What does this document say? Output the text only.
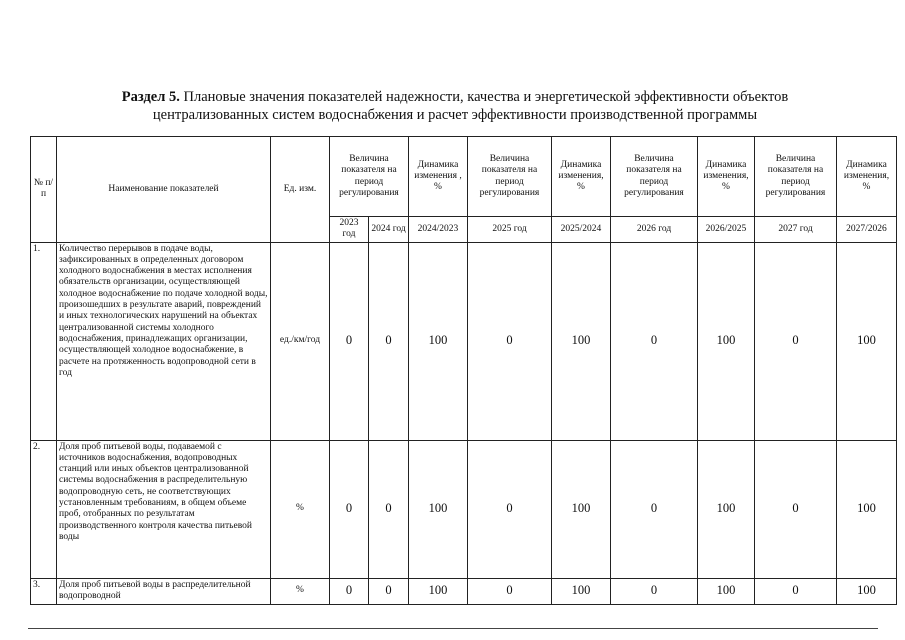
Раздел 5. Плановые значения показателей надежности, качества и энергетической эффективности объектов
централизованных систем водоснабжения и расчет эффективности производственной программы
№ п/п	Наименование показателей	Ед. изм.	Величина показателя на период регулирования		Динамика изменения , %	Величина показателя на период регулирования	Динамика изменения, %	Величина показателя на период регулирования	Динамика изменения, %	Величина показателя на период регулирования	Динамика изменения, %
			2023 год	2024 год	2024/2023	2025 год	2025/2024	2026 год	2026/2025	2027 год	2027/2026
1.	Количество перерывов в подаче воды, зафиксированных в определенных договором холодного водоснабжения в местах исполнения обязательств организации, осуществляющей холодное водоснабжение по подаче холодной воды, произошедших в результате аварий, повреждений и иных технологических нарушений на объектах централизованной системы холодного водоснабжения, принадлежащих организации, осуществляющей холодное водоснабжение, в расчете на протяженность водопроводной сети в год	ед./км/год	0	0	100	0	100	0	100	0	100
2.	Доля проб питьевой воды, подаваемой с источников водоснабжения, водопроводных станций или иных объектов централизованной системы водоснабжения в распределительную водопроводную сеть, не соответствующих установленным требованиям, в общем объеме проб, отобранных по результатам производственного контроля качества питьевой воды	%	0	0	100	0	100	0	100	0	100
3.	Доля проб питьевой воды в распределительной водопроводной	%	0	0	100	0	100	0	100	0	100
